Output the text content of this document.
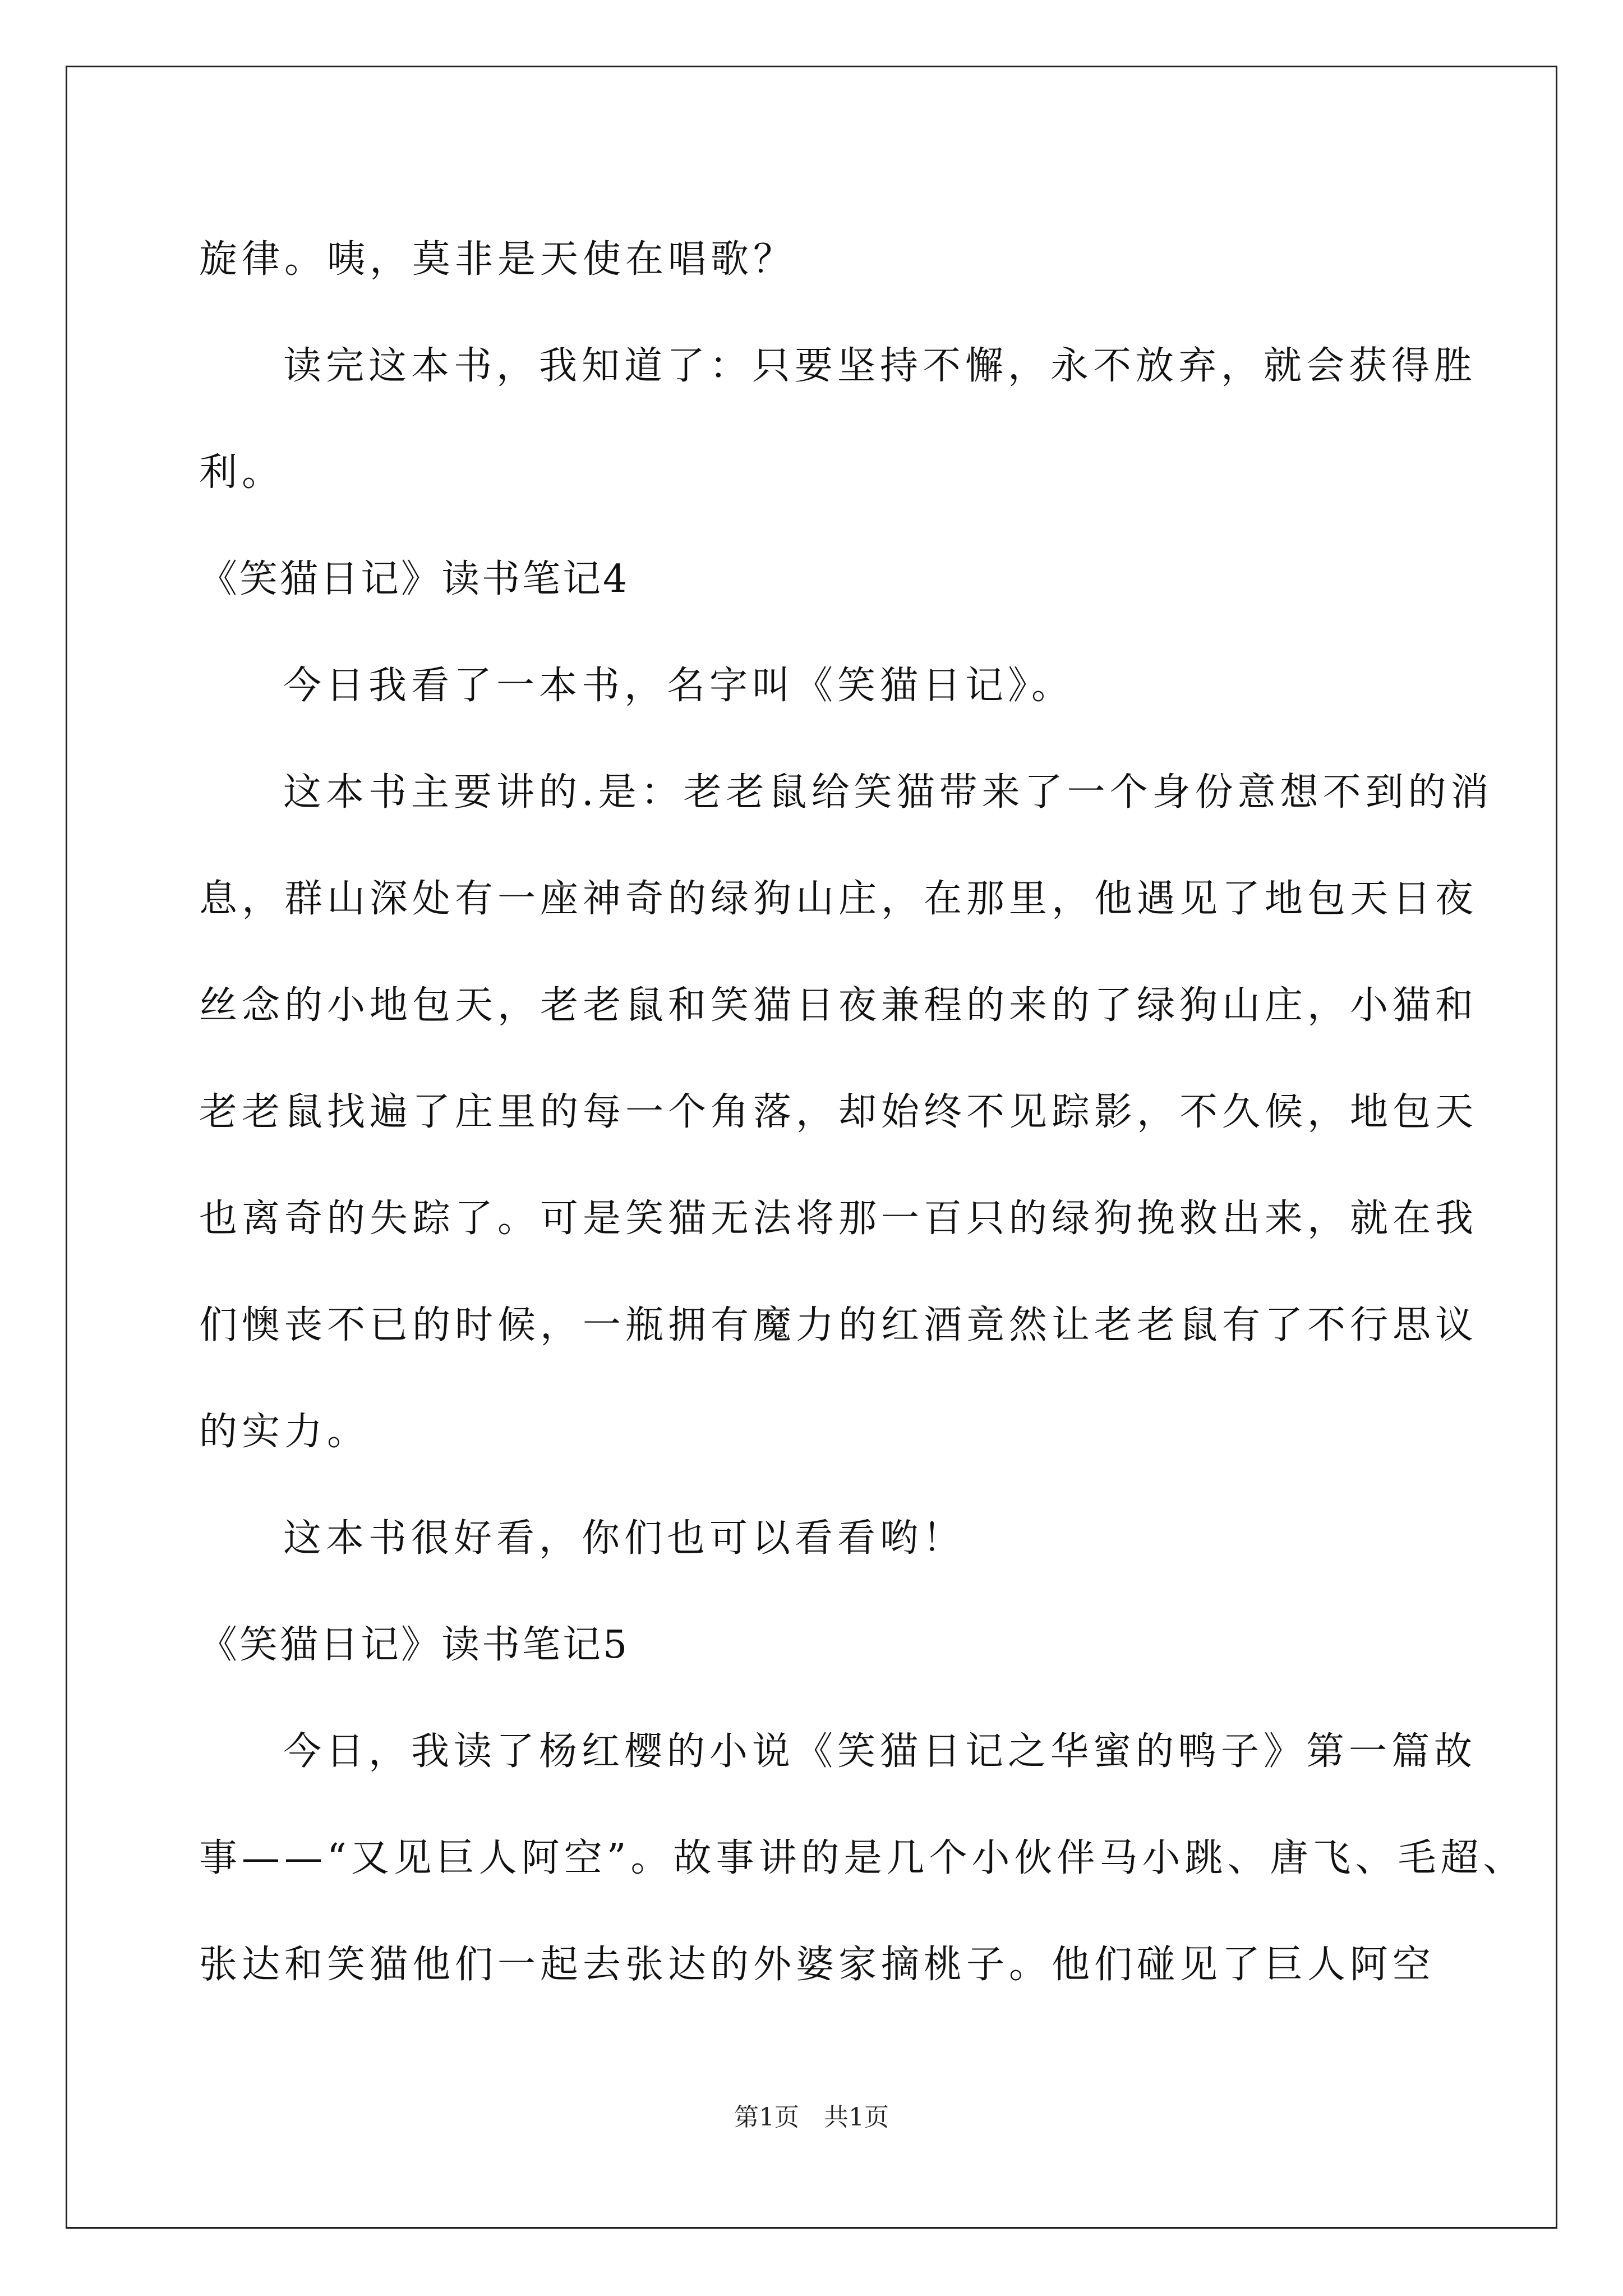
旋律。咦，莫非是天使在唱歌？
读完这本书，我知道了：只要坚持不懈，永不放弃，就会获得胜
利。
《笑猫日记》读书笔记4
今日我看了一本书，名字叫《笑猫日记》。
这本书主要讲的.是：老老鼠给笑猫带来了一个身份意想不到的消
息，群山深处有一座神奇的绿狗山庄，在那里，他遇见了地包天日夜
丝念的小地包天，老老鼠和笑猫日夜兼程的来的了绿狗山庄，小猫和
老老鼠找遍了庄里的每一个角落，却始终不见踪影，不久候，地包天
也离奇的失踪了。可是笑猫无法将那一百只的绿狗挽救出来，就在我
们懊丧不已的时候，一瓶拥有魔力的红酒竟然让老老鼠有了不行思议
的实力。
这本书很好看，你们也可以看看哟！
《笑猫日记》读书笔记5
今日，我读了杨红樱的小说《笑猫日记之华蜜的鸭子》第一篇故
事——“又见巨人阿空”。故事讲的是几个小伙伴马小跳、唐飞、毛超、
张达和笑猫他们一起去张达的外婆家摘桃子。他们碰见了巨人阿空
第1页　共1页
